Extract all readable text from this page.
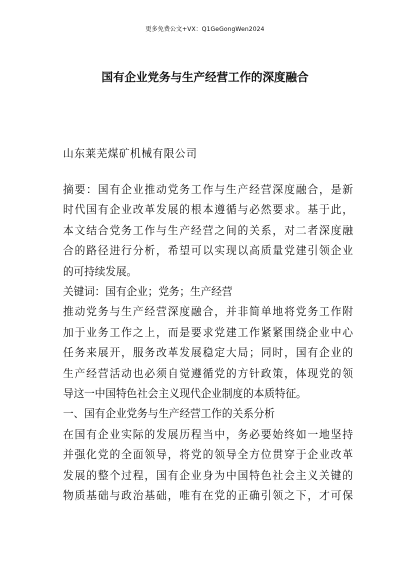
更多免费公文+VX：Q1GeGongWen2024
国有企业党务与生产经营工作的深度融合
山东莱芜煤矿机械有限公司
摘要：国有企业推动党务工作与生产经营深度融合，是新
时代国有企业改革发展的根本遵循与必然要求。基于此，
本文结合党务工作与生产经营之间的关系，对二者深度融
合的路径进行分析，希望可以实现以高质量党建引领企业
的可持续发展。
关键词：国有企业；党务；生产经营
推动党务与生产经营深度融合，并非简单地将党务工作附
加于业务工作之上，而是要求党建工作紧紧围绕企业中心
任务来展开，服务改革发展稳定大局；同时，国有企业的
生产经营活动也必须自觉遵循党的方针政策，体现党的领
导这一中国特色社会主义现代企业制度的本质特征。
一、国有企业党务与生产经营工作的关系分析
在国有企业实际的发展历程当中，务必要始终如一地坚持
并强化党的全面领导，将党的领导全方位贯穿于企业改革
发展的整个过程，国有企业身为中国特色社会主义关键的
物质基础与政治基础，唯有在党的正确引领之下，才可保
